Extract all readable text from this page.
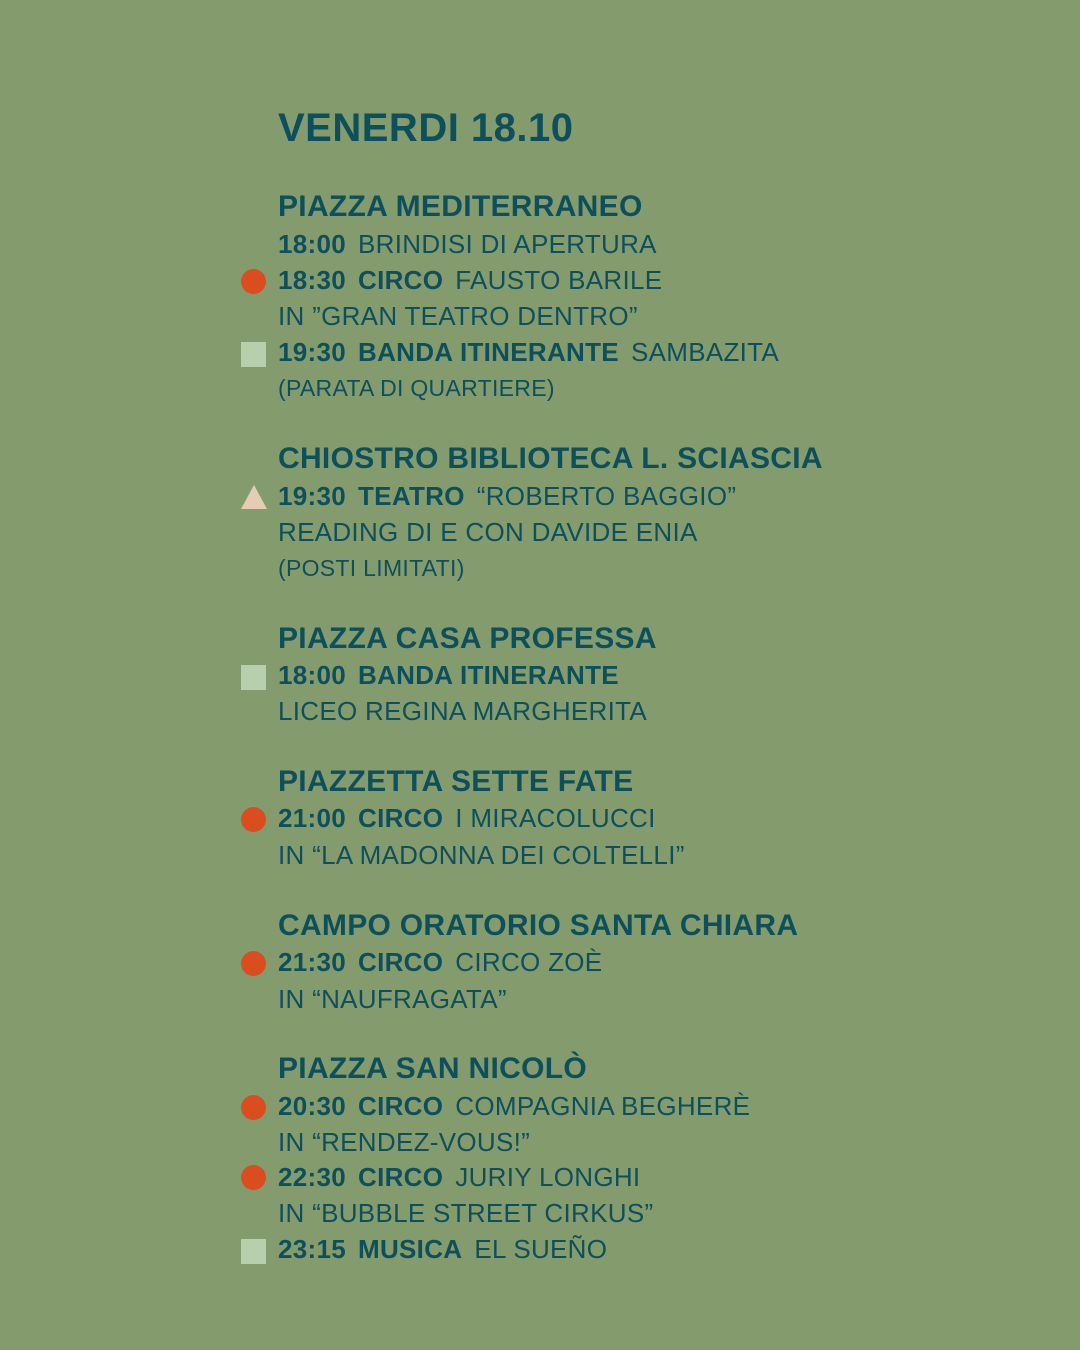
VENERDI 18.10
PIAZZA MEDITERRANEO
18:00 BRINDISI DI APERTURA
18:30 CIRCO FAUSTO BARILE
IN ”GRAN TEATRO DENTRO”
19:30 BANDA ITINERANTE SAMBAZITA
(PARATA DI QUARTIERE)
CHIOSTRO BIBLIOTECA L. SCIASCIA
19:30 TEATRO “ROBERTO BAGGIO”
READING DI E CON DAVIDE ENIA
(POSTI LIMITATI)
PIAZZA CASA PROFESSA
18:00 BANDA ITINERANTE
LICEO REGINA MARGHERITA
PIAZZETTA SETTE FATE
21:00 CIRCO I MIRACOLUCCI
IN “LA MADONNA DEI COLTELLI”
CAMPO ORATORIO SANTA CHIARA
21:30 CIRCO CIRCO ZOÈ
IN “NAUFRAGATA”
PIAZZA SAN NICOLÒ
20:30 CIRCO COMPAGNIA BEGHERÈ
IN “RENDEZ-VOUS!”
22:30 CIRCO JURIY LONGHI
IN “BUBBLE STREET CIRKUS”
23:15 MUSICA EL SUEÑO
